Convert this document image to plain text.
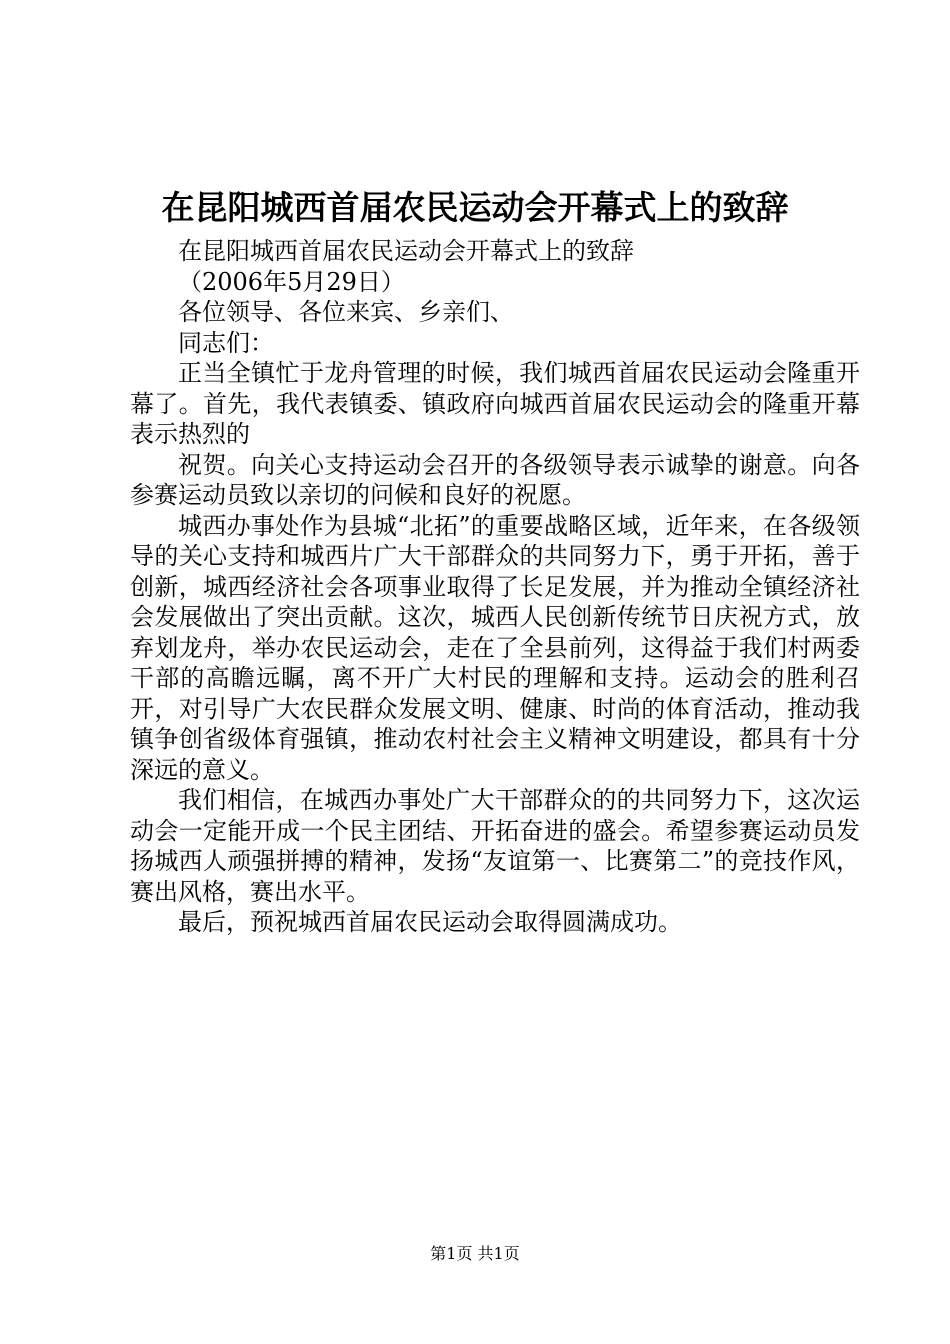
在昆阳城西首届农民运动会开幕式上的致辞

在昆阳城西首届农民运动会开幕式上的致辞

（2006年5月29日）

各位领导、各位来宾、乡亲们、

同志们：

正当全镇忙于龙舟管理的时候，我们城西首届农民运动会隆重开幕了。首先，我代表镇委、镇政府向城西首届农民运动会的隆重开幕表示热烈的

祝贺。向关心支持运动会召开的各级领导表示诚挚的谢意。向各参赛运动员致以亲切的问候和良好的祝愿。

城西办事处作为县城“北拓”的重要战略区域，近年来，在各级领导的关心支持和城西片广大干部群众的共同努力下，勇于开拓，善于创新，城西经济社会各项事业取得了长足发展，并为推动全镇经济社会发展做出了突出贡献。这次，城西人民创新传统节日庆祝方式，放弃划龙舟，举办农民运动会，走在了全县前列，这得益于我们村两委干部的高瞻远瞩，离不开广大村民的理解和支持。运动会的胜利召开，对引导广大农民群众发展文明、健康、时尚的体育活动，推动我镇争创省级体育强镇，推动农村社会主义精神文明建设，都具有十分深远的意义。

我们相信，在城西办事处广大干部群众的的共同努力下，这次运动会一定能开成一个民主团结、开拓奋进的盛会。希望参赛运动员发扬城西人顽强拼搏的精神，发扬“友谊第一、比赛第二”的竞技作风，赛出风格，赛出水平。

最后，预祝城西首届农民运动会取得圆满成功。

第1页 共1页
